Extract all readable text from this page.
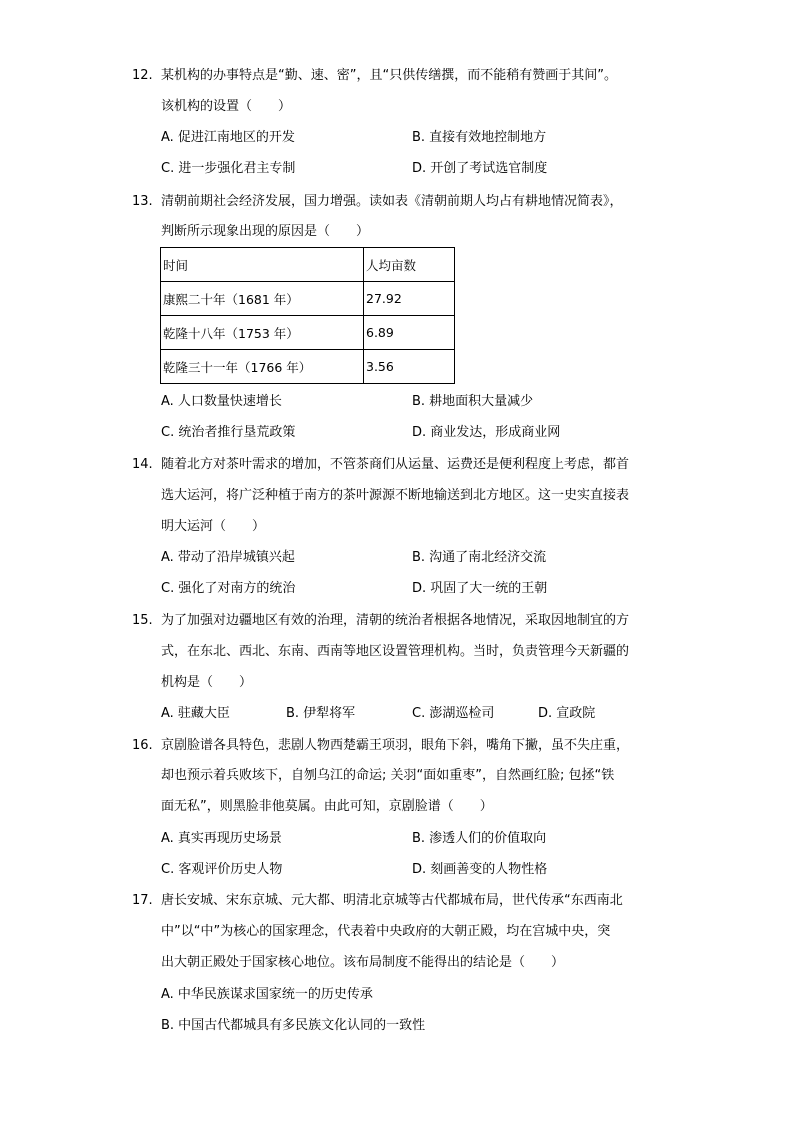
12. 某机构的办事特点是“勤、速、密”，且“只供传缮撰，而不能稍有赞画于其间”。
该机构的设置（　　）
A. 促进江南地区的开发	B. 直接有效地控制地方
C. 进一步强化君主专制	D. 开创了考试选官制度
13. 清朝前期社会经济发展，国力增强。读如表《清朝前期人均占有耕地情况简表》，
判断所示现象出现的原因是（　　）
时间	人均亩数
康熙二十年（1681 年）	27.92
乾隆十八年（1753 年）	6.89
乾隆三十一年（1766 年）	3.56
A. 人口数量快速增长	B. 耕地面积大量减少
C. 统治者推行垦荒政策	D. 商业发达，形成商业网
14. 随着北方对茶叶需求的增加，不管茶商们从运量、运费还是便利程度上考虑，都首
选大运河，将广泛种植于南方的茶叶源源不断地输送到北方地区。这一史实直接表
明大运河（　　）
A. 带动了沿岸城镇兴起	B. 沟通了南北经济交流
C. 强化了对南方的统治	D. 巩固了大一统的王朝
15. 为了加强对边疆地区有效的治理，清朝的统治者根据各地情况，采取因地制宜的方
式，在东北、西北、东南、西南等地区设置管理机构。当时，负责管理今天新疆的
机构是（　　）
A. 驻藏大臣	B. 伊犁将军	C. 澎湖巡检司	D. 宣政院
16. 京剧脸谱各具特色，悲剧人物西楚霸王项羽，眼角下斜，嘴角下撇，虽不失庄重，
却也预示着兵败垓下，自刎乌江的命运; 关羽“面如重枣”，自然画红脸; 包拯“铁
面无私”，则黑脸非他莫属。由此可知，京剧脸谱（　　）
A. 真实再现历史场景	B. 渗透人们的价值取向
C. 客观评价历史人物	D. 刻画善变的人物性格
17. 唐长安城、宋东京城、元大都、明清北京城等古代都城布局，世代传承“东西南北
中”以“中”为核心的国家理念，代表着中央政府的大朝正殿，均在宫城中央，突
出大朝正殿处于国家核心地位。该布局制度不能得出的结论是（　　）
A. 中华民族谋求国家统一的历史传承
B. 中国古代都城具有多民族文化认同的一致性
